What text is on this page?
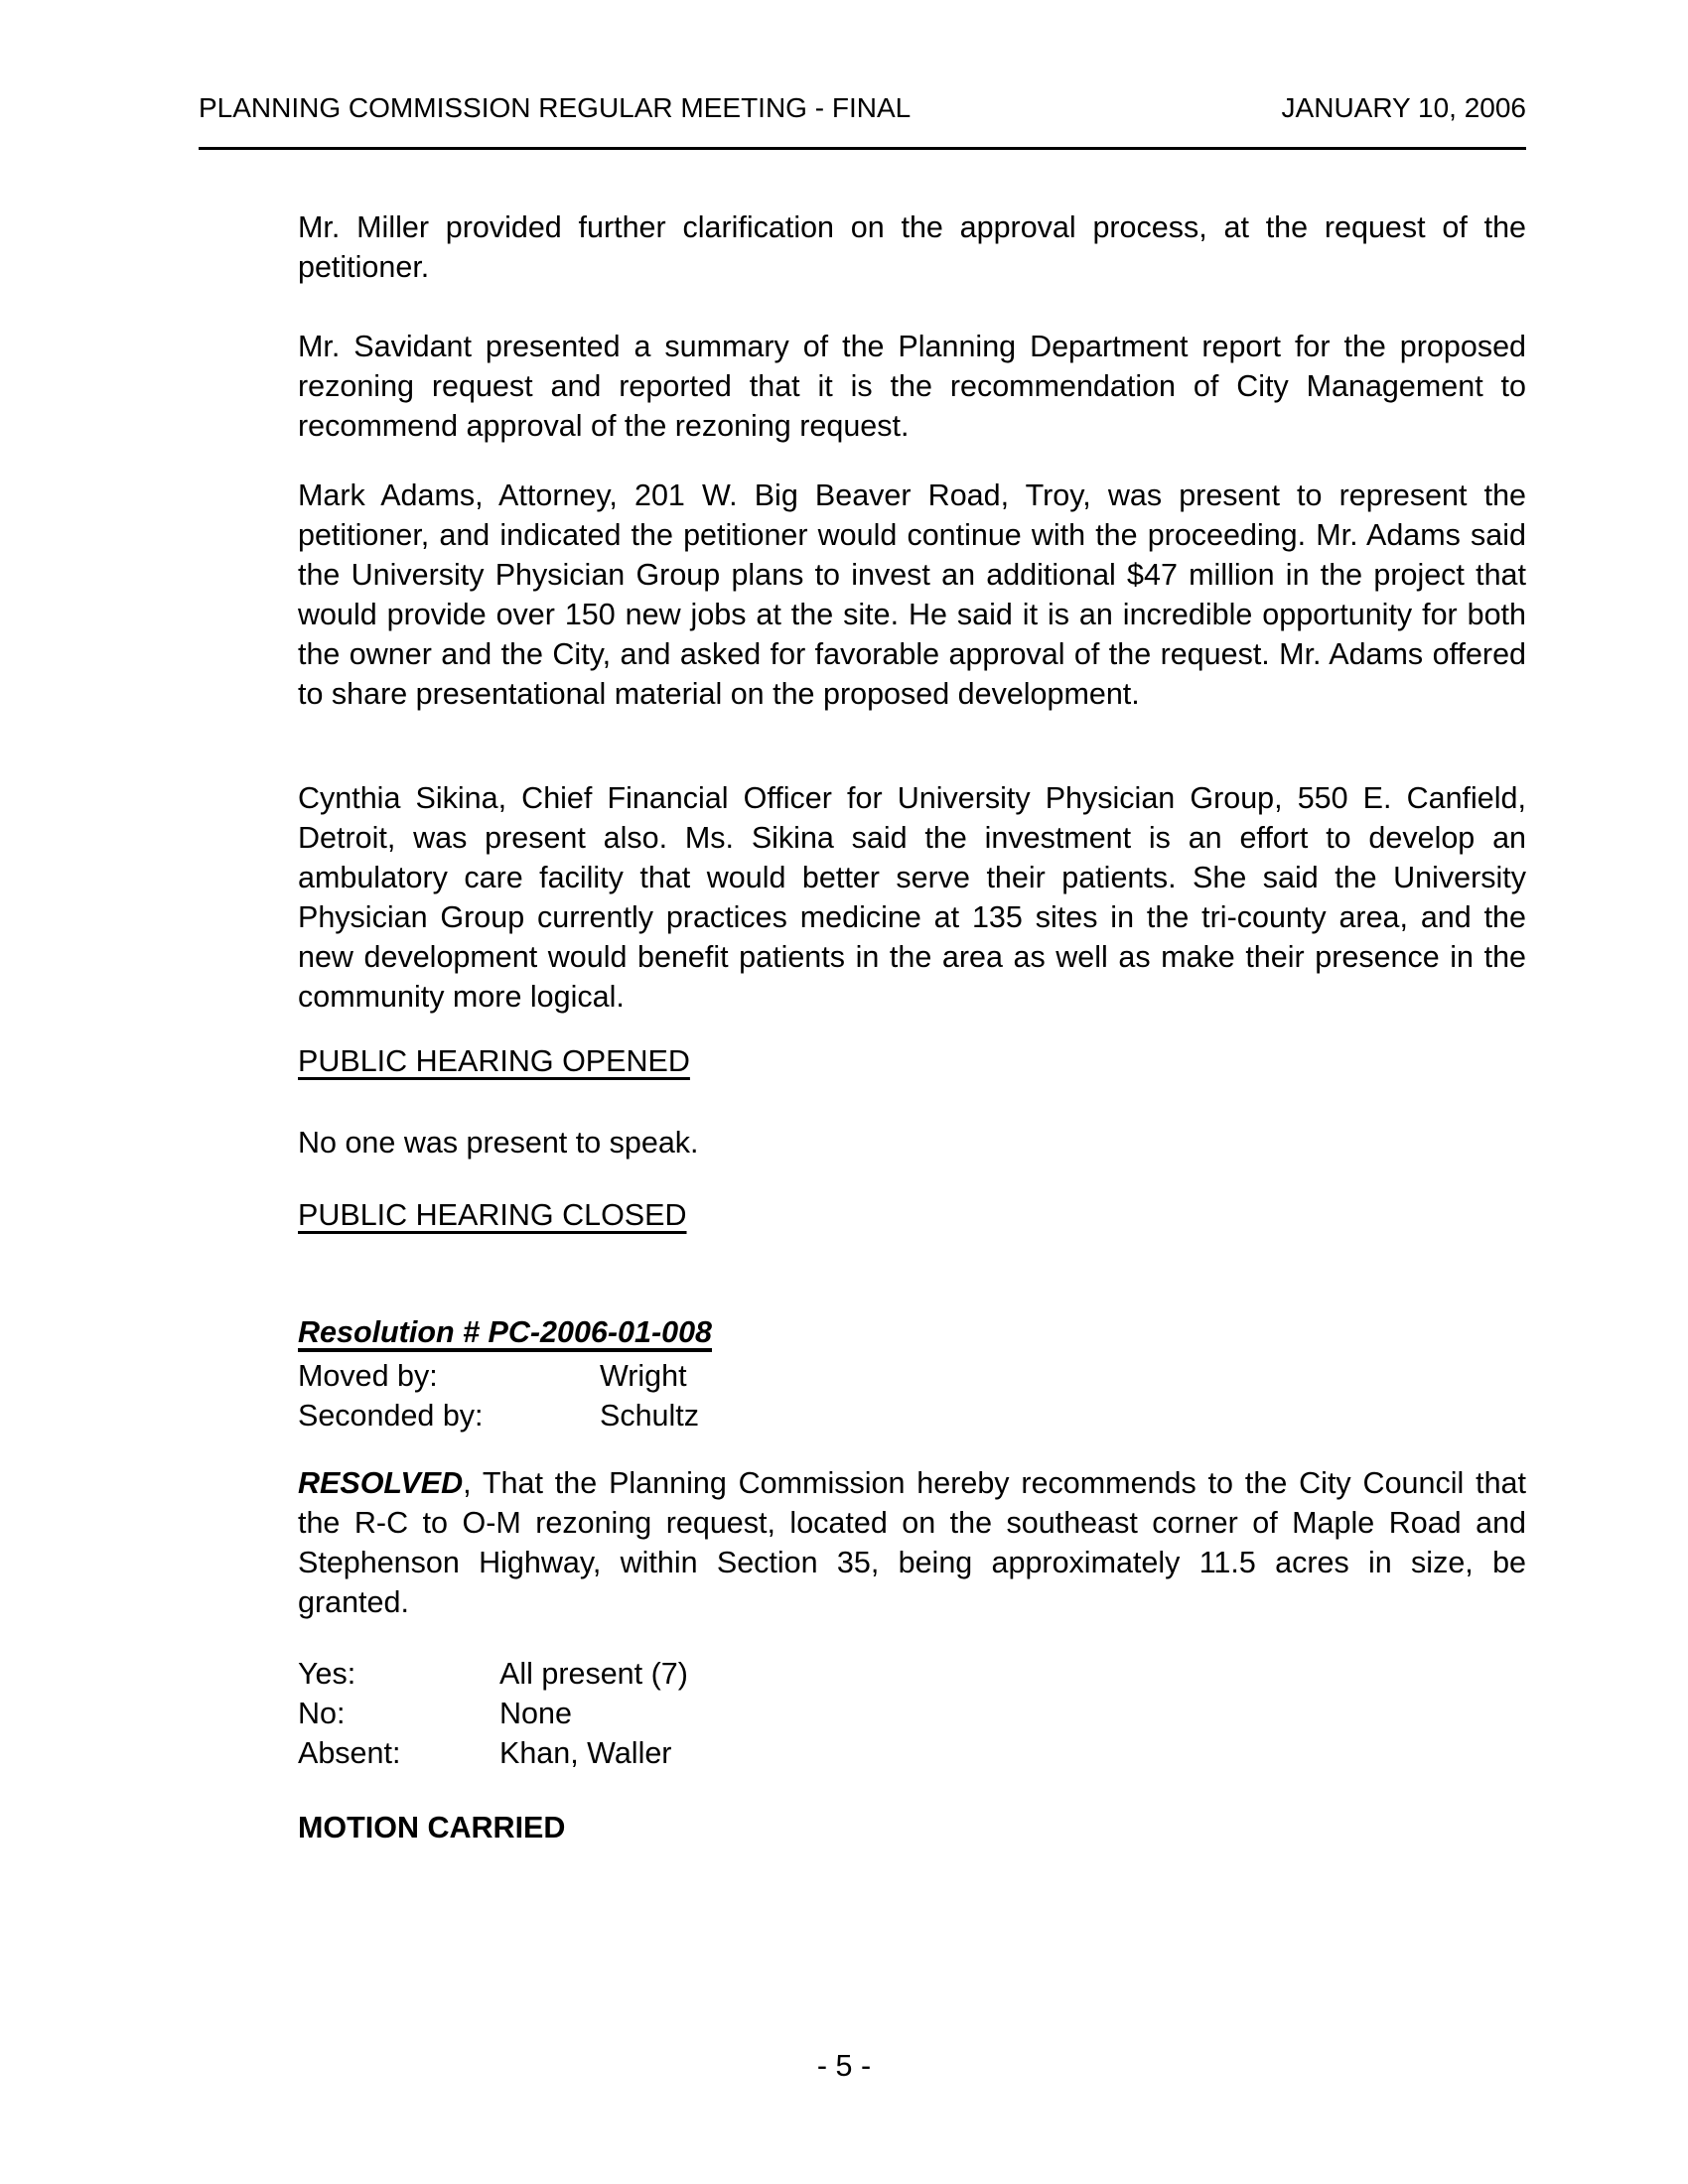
PLANNING COMMISSION REGULAR MEETING - FINAL	JANUARY 10, 2006

Mr. Miller provided further clarification on the approval process, at the request of the petitioner.

Mr. Savidant presented a summary of the Planning Department report for the proposed rezoning request and reported that it is the recommendation of City Management to recommend approval of the rezoning request.

Mark Adams, Attorney, 201 W. Big Beaver Road, Troy, was present to represent the petitioner, and indicated the petitioner would continue with the proceeding. Mr. Adams said the University Physician Group plans to invest an additional $47 million in the project that would provide over 150 new jobs at the site. He said it is an incredible opportunity for both the owner and the City, and asked for favorable approval of the request. Mr. Adams offered to share presentational material on the proposed development.

Cynthia Sikina, Chief Financial Officer for University Physician Group, 550 E. Canfield, Detroit, was present also. Ms. Sikina said the investment is an effort to develop an ambulatory care facility that would better serve their patients. She said the University Physician Group currently practices medicine at 135 sites in the tri-county area, and the new development would benefit patients in the area as well as make their presence in the community more logical.

PUBLIC HEARING OPENED

No one was present to speak.

PUBLIC HEARING CLOSED

Resolution # PC-2006-01-008

Moved by:	Wright

Seconded by:	Schultz

RESOLVED, That the Planning Commission hereby recommends to the City Council that the R-C to O-M rezoning request, located on the southeast corner of Maple Road and Stephenson Highway, within Section 35, being approximately 11.5 acres in size, be granted.

Yes:	All present (7)
No:	None
Absent:	Khan, Waller

MOTION CARRIED

- 5 -
